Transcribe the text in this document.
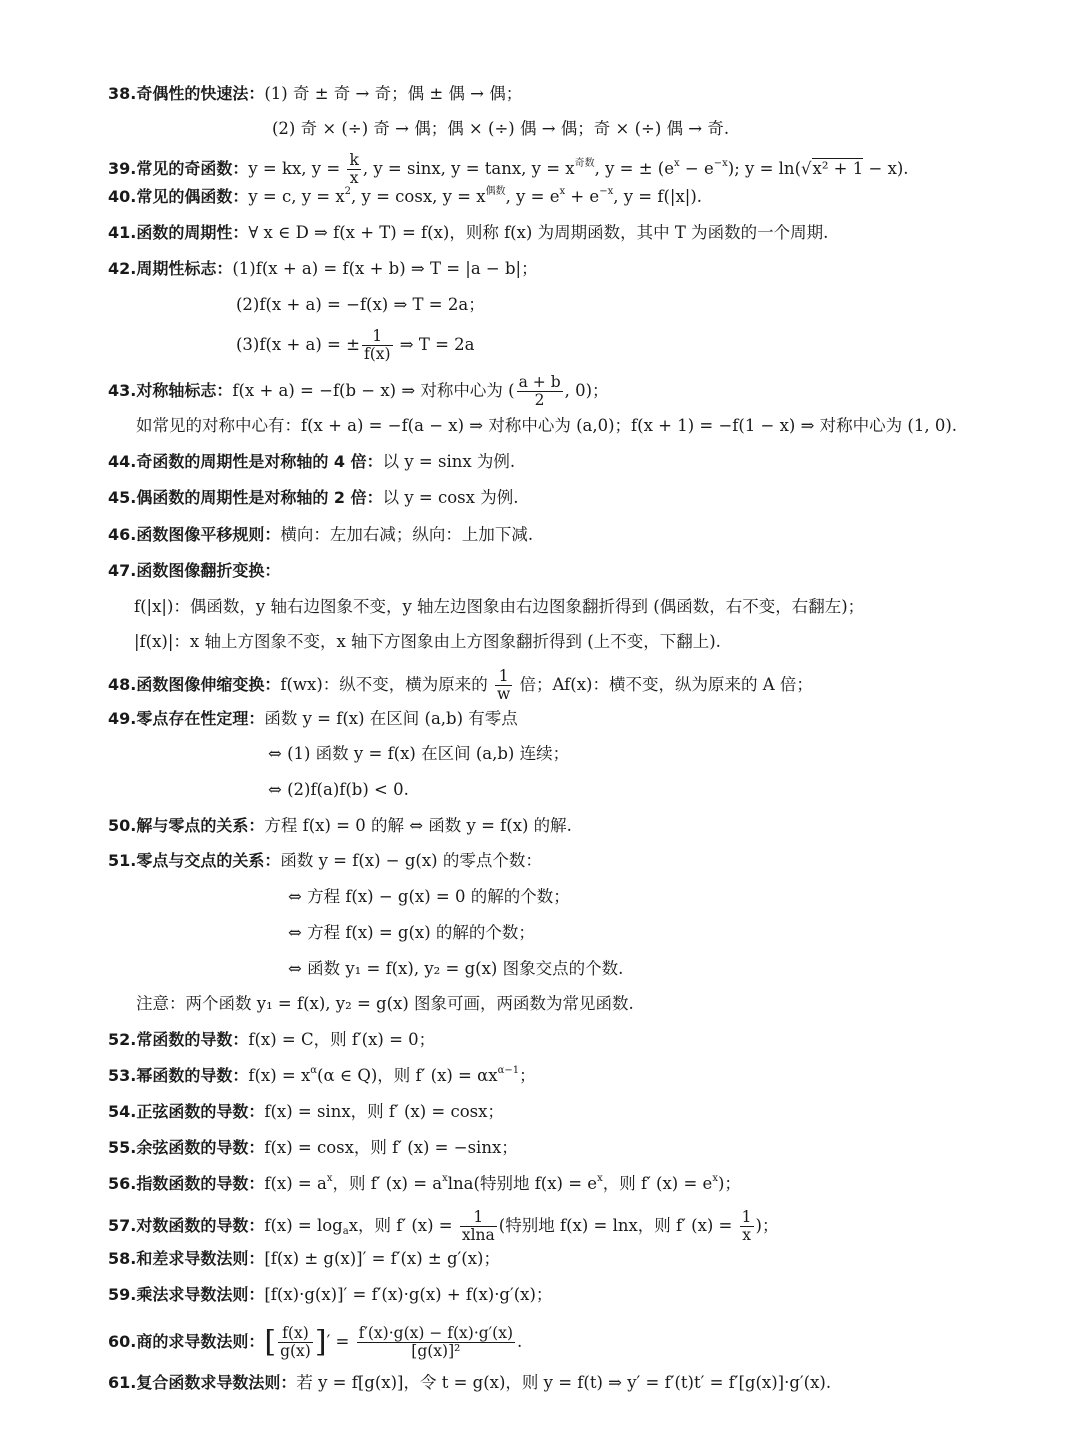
38.奇偶性的快速法：(1) 奇 ± 奇 → 奇；偶 ± 偶 → 偶；
(2) 奇 × (÷) 奇 → 偶；偶 × (÷) 偶 → 偶；奇 × (÷) 偶 → 奇.
39.常见的奇函数：y = kx, $y = \frac{k}{x}$ , y = sinx, y = tanx, $y = x^{奇数}$, y = ± $(e^x - e^{-x})$; y = ln(√x² + 1 − x).
40.常见的偶函数：y = c, $y = x^2$, y = cosx, $y = x^{偶数}$, $y = e^x + e^{-x}$, y = f(|x|).
41.函数的周期性：∀ x ∈ D ⇒ f(x + T) = f(x)，则称 f(x) 为周期函数，其中 T 为函数的一个周期.
42.周期性标志：(1)f(x + a) = f(x + b) ⇒ T = |a − b|；
(2)f(x + a) = −f(x) ⇒ T = 2a；
(3)f(x + a) = ± $\frac{1}{f(x)}$ ⇒ T = 2a
43.对称轴标志：f(x + a) = −f(b − x) ⇒ 对称中心为 ( $\frac{a + b}{2}$ , 0)；
如常见的对称中心有：f(x + a) = −f(a − x) ⇒ 对称中心为 (a,0)；f(x + 1) = −f(1 − x) ⇒ 对称中心为 (1, 0).
44.奇函数的周期性是对称轴的 4 倍：以 y = sinx 为例.
45.偶函数的周期性是对称轴的 2 倍：以 y = cosx 为例.
46.函数图像平移规则：横向：左加右减；纵向：上加下减.
47.函数图像翻折变换：
f(|x|)：偶函数，y 轴右边图象不变，y 轴左边图象由右边图象翻折得到 (偶函数，右不变，右翻左)；
|f(x)|：x 轴上方图象不变，x 轴下方图象由上方图象翻折得到 (上不变，下翻上).
48.函数图像伸缩变换：f(wx)：纵不变，横为原来的 $\frac{1}{w}$ 倍；Af(x)：横不变，纵为原来的 A 倍；
49.零点存在性定理：函数 y = f(x) 在区间 (a,b) 有零点
⇔ (1) 函数 y = f(x) 在区间 (a,b) 连续；
⇔ (2)f(a)f(b) < 0.
50.解与零点的关系：方程 f(x) = 0 的解 ⇔ 函数 y = f(x) 的解.
51.零点与交点的关系：函数 y = f(x) − g(x) 的零点个数：
⇔ 方程 f(x) − g(x) = 0 的解的个数；
⇔ 方程 f(x) = g(x) 的解的个数；
⇔ 函数 y₁ = f(x), y₂ = g(x) 图象交点的个数.
注意：两个函数 y₁ = f(x), y₂ = g(x) 图象可画，两函数为常见函数.
52.常函数的导数：f(x) = C，则 f′(x) = 0；
53.幂函数的导数：$f(x) = x^\alpha(\alpha$ ∈ Q)，则 f′ $(x) = \alpha x^{\alpha-1}$；
54.正弦函数的导数：f(x) = sinx，则 f′ (x) = cosx；
55.余弦函数的导数：f(x) = cosx，则 f′ (x) = −sinx；
56.指数函数的导数：$f(x) = a^x$，则 f′ $(x) = a^x\ln a$(特别地 $f(x) = e^x$，则 f′ $(x) = e^x$)；
57.对数函数的导数：$f(x) = \log_ax$，则 f′ $(x) = \frac{1}{xlna}$ (特别地 f(x) = lnx，则 f′ $(x) = \frac{1}{x}$ )；
58.和差求导数法则：[f(x) ± g(x)]′ = f′(x) ± g′(x)；
59.乘法求导数法则：[f(x)·g(x)]′ = f′(x)·g(x) + f(x)·g′(x)；
60.商的求导数法则：[ $\frac{f(x)}{g(x)}$ ]′ = $\frac{f'(x)\cdot g(x) - f(x)\cdot g'(x)}{\text{[g(x)]²}}$ .
61.复合函数求导数法则：若 y = f[g(x)]，令 t = g(x)，则 y = f(t) ⇒ y′ = f′(t)t′ = f′[g(x)]·g′(x).
